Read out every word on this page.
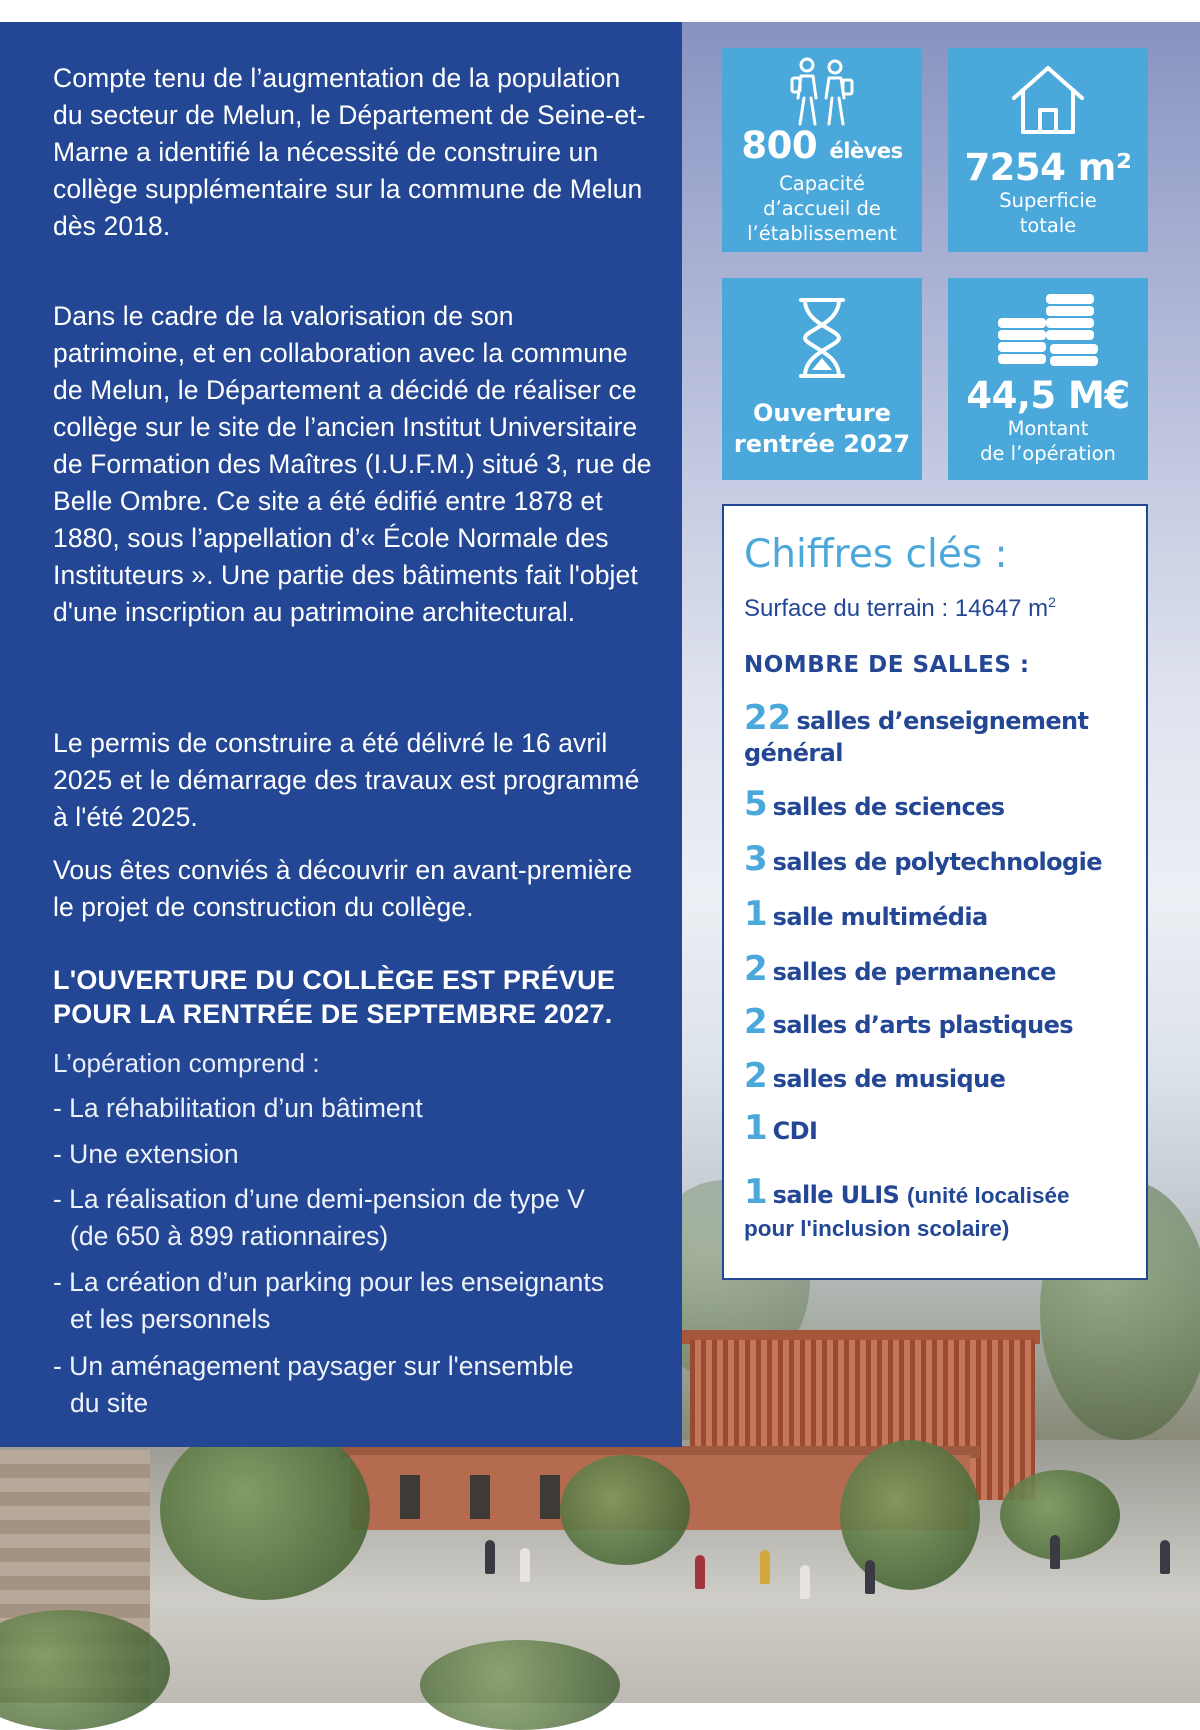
Compte tenu de l’augmentation de la population du secteur de Melun, le Département de Seine-et-Marne a identifié la nécessité de construire un collège supplémentaire sur la commune de Melun dès 2018.

Dans le cadre de la valorisation de son patrimoine, et en collaboration avec la commune de Melun, le Département a décidé de réaliser ce collège sur le site de l’ancien Institut Universitaire de Formation des Maîtres (I.U.F.M.) situé 3, rue de Belle Ombre. Ce site a été édifié entre 1878 et 1880, sous l’appellation d’« École Normale des Instituteurs ». Une partie des bâtiments fait l'objet d'une inscription au patrimoine architectural.

Le permis de construire a été délivré le 16 avril 2025 et le démarrage des travaux est programmé à l'été 2025.

Vous êtes conviés à découvrir en avant-première le projet de construction du collège.

L'OUVERTURE DU COLLÈGE EST PRÉVUE POUR LA RENTRÉE DE SEPTEMBRE 2027.

L’opération comprend :

- La réhabilitation d’un bâtiment
- Une extension
- La réalisation d’une demi-pension de type V
(de 650 à 899 rationnaires)
- La création d’un parking pour les enseignants
et les personnels
- Un aménagement paysager sur l'ensemble
du site
800 élèves
Capacité
d’accueil de
l’établissement
7254 m²
Superficie
totale
Ouverture
rentrée 2027
44,5 M€
Montant
de l’opération
Chiffres clés :
Surface du terrain : 14647 $m^2$
NOMBRE DE SALLES :
22 salles d’enseignement
général
5 salles de sciences
3 salles de polytechnologie
1 salle multimédia
2 salles de permanence
2 salles d’arts plastiques
2 salles de musique
1 CDI
1 salle ULIS (unité localisée
pour l'inclusion scolaire)
